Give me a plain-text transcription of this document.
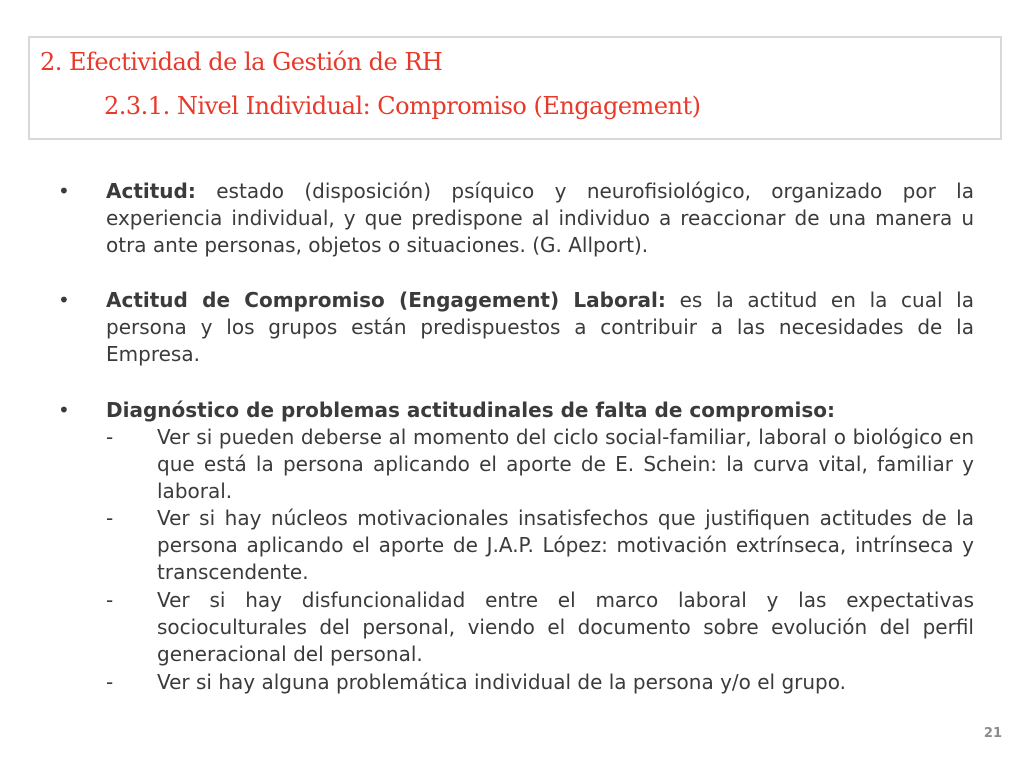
2. Efectividad de la Gestión de RH
2.3.1. Nivel Individual: Compromiso (Engagement)
•	Actitud: estado (disposición) psíquico y neurofisiológico, organizado por la experiencia individual, y que predispone al individuo a reaccionar de una manera u otra ante personas, objetos o situaciones. (G. Allport).
•	Actitud de Compromiso (Engagement) Laboral: es la actitud en la cual la persona y los grupos están predispuestos a contribuir a las necesidades de la Empresa.
•	Diagnóstico de problemas actitudinales de falta de compromiso:
-	Ver si pueden deberse al momento del ciclo social-familiar, laboral o biológico en que está la persona aplicando el aporte de E. Schein: la curva vital, familiar y laboral.
-	Ver si hay núcleos motivacionales insatisfechos que justifiquen actitudes de la persona aplicando el aporte de J.A.P. López: motivación extrínseca, intrínseca y transcendente.
-	Ver si hay disfuncionalidad entre el marco laboral y las expectativas socioculturales del personal, viendo el documento sobre evolución del perfil generacional del personal.
-	Ver si hay alguna problemática individual de la persona y/o el grupo.
21
